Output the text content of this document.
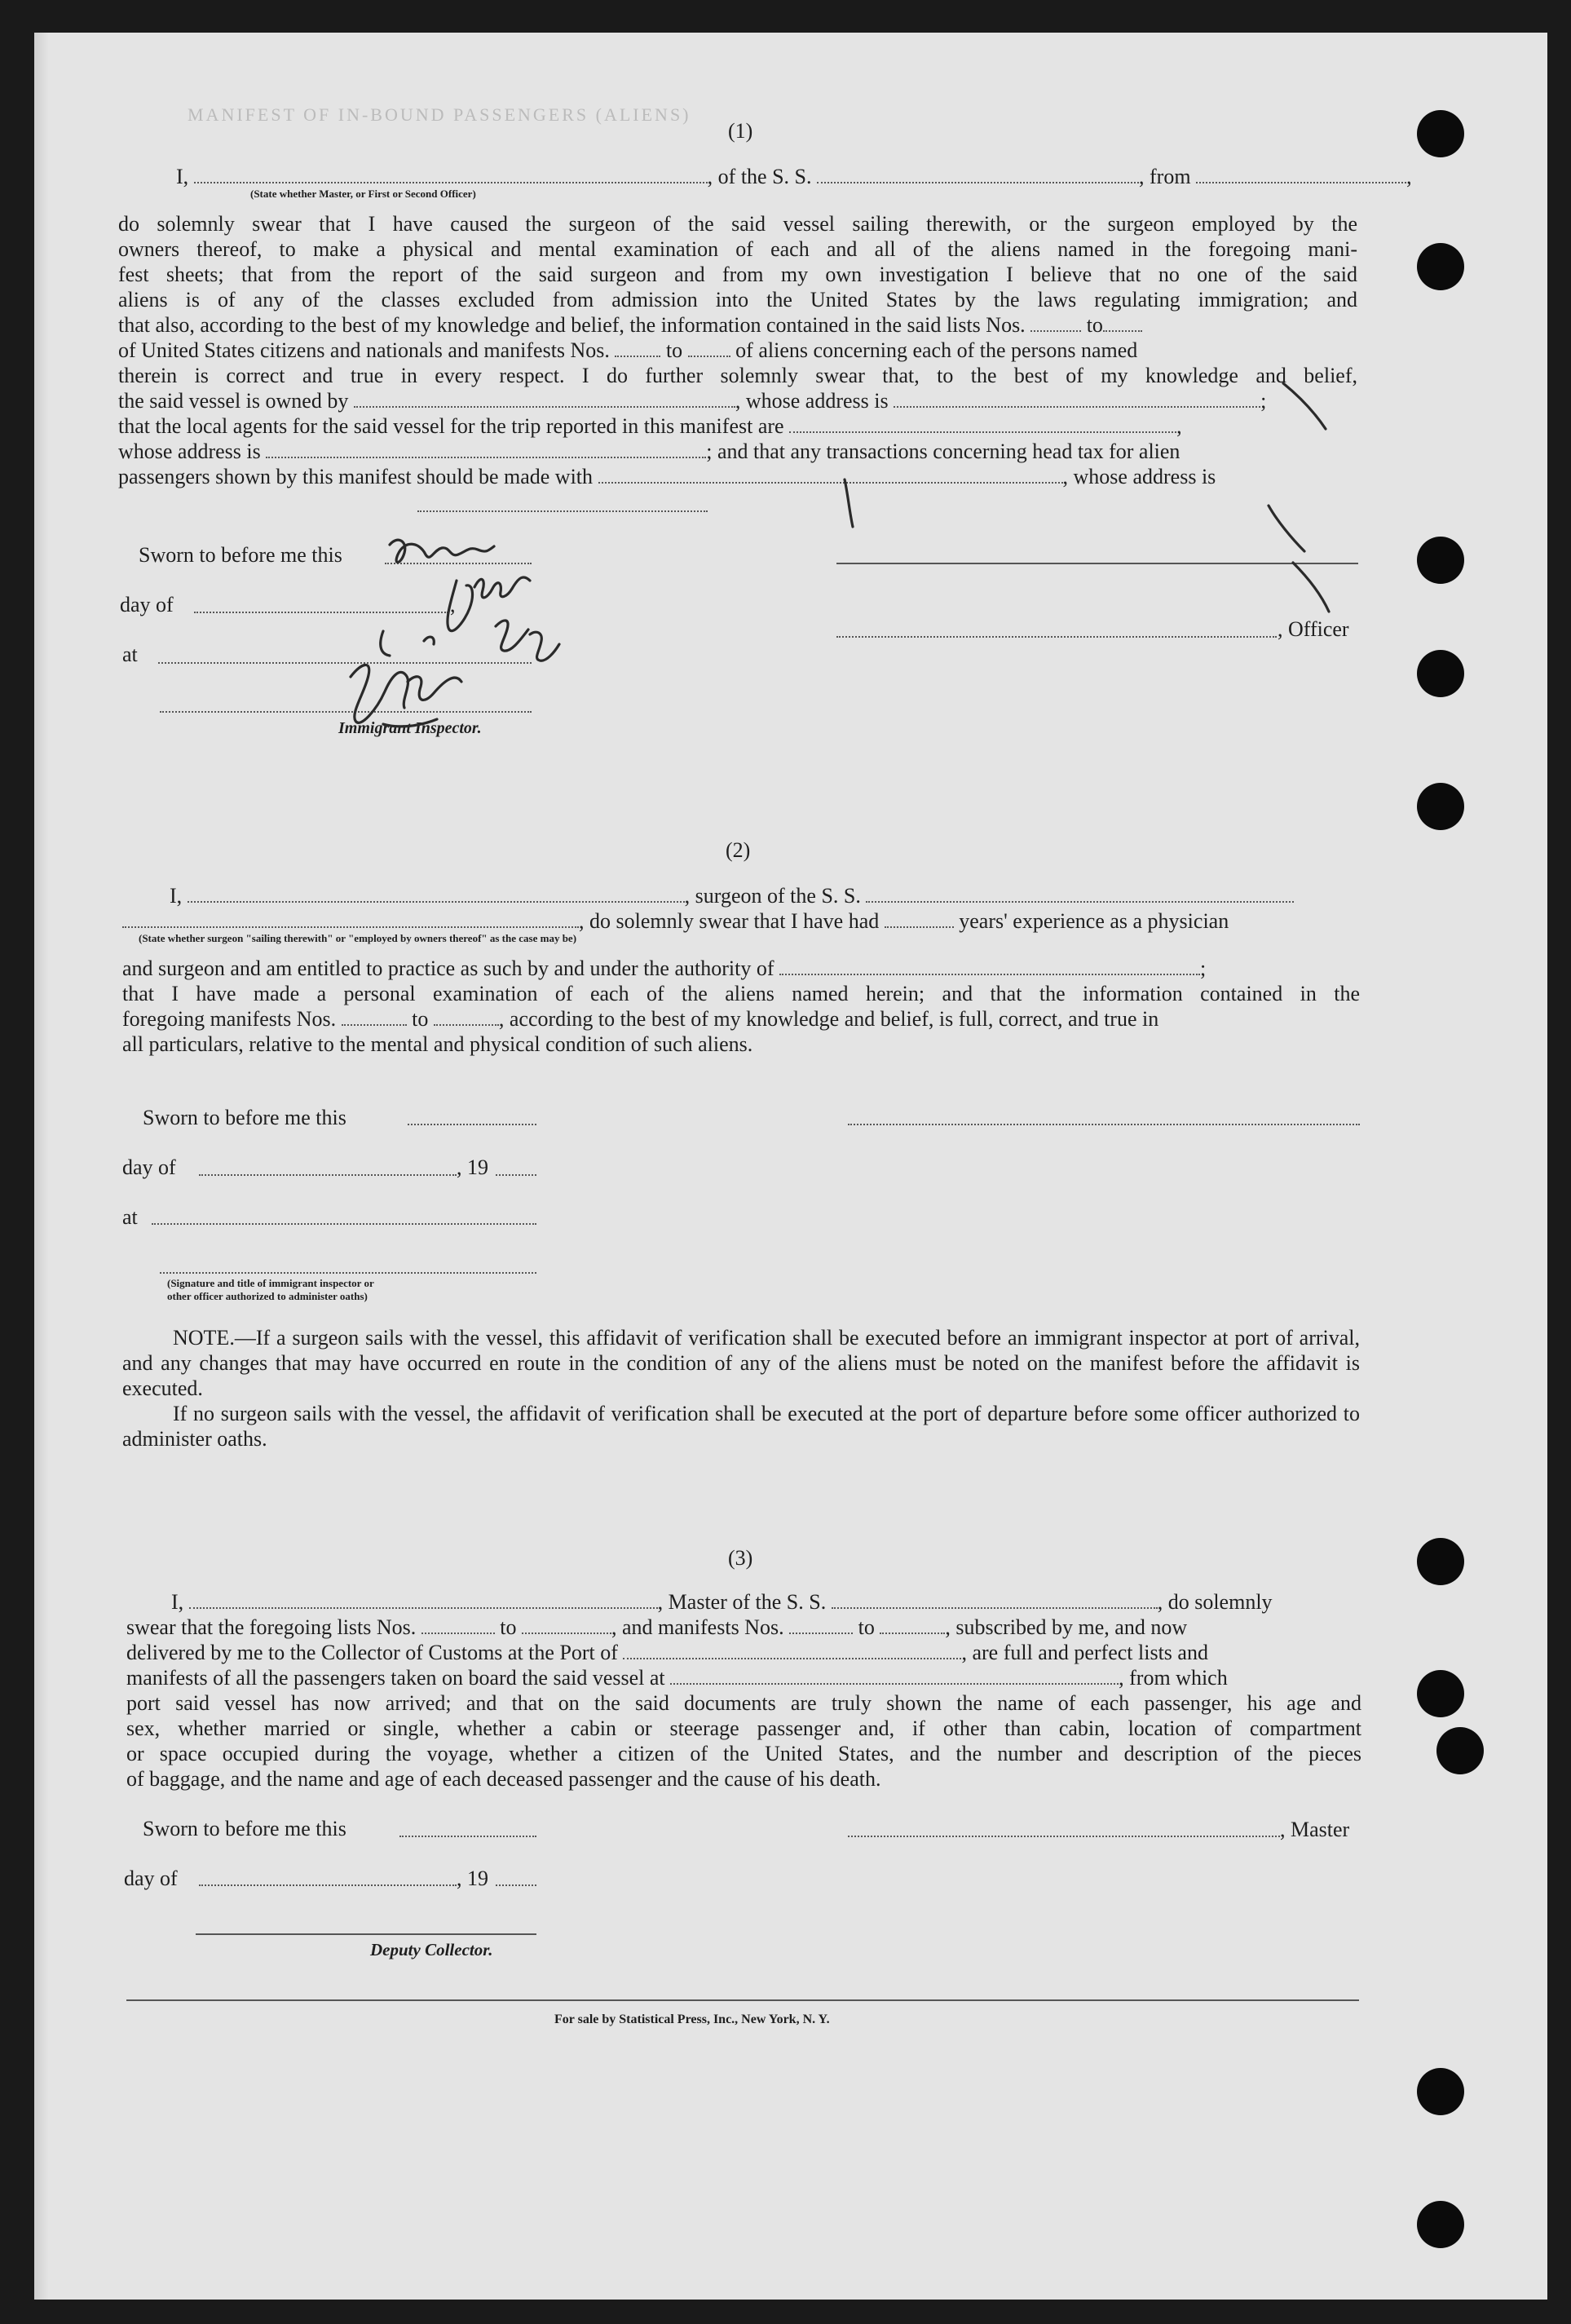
MANIFEST OF IN-BOUND PASSENGERS (ALIENS)
(1)
I,	, of the S. S.	, from	,
(State whether Master, or First or Second Officer)
do solemnly swear that I have caused the surgeon of the said vessel sailing therewith, or the surgeon employed by the
owners thereof, to make a physical and mental examination of each and all of the aliens named in the foregoing mani-
fest sheets; that from the report of the said surgeon and from my own investigation I believe that no one of the said
aliens is of any of the classes excluded from admission into the United States by the laws regulating immigration; and
that also, according to the best of my knowledge and belief, the information contained in the said lists Nos.	to
of United States citizens and nationals and manifests Nos.	to	of aliens concerning each of the persons named
therein is correct and true in every respect. I do further solemnly swear that, to the best of my knowledge and belief,
the said vessel is owned by	, whose address is	;
that the local agents for the said vessel for the trip reported in this manifest are	,
whose address is	; and that any transactions concerning head tax for alien
passengers shown by this manifest should be made with	, whose address is
Sworn to before me this
day of	,
at
, Officer
Immigrant Inspector.
(2)
I,	, surgeon of the S. S.
, do solemnly swear that I have had	years' experience as a physician
(State whether surgeon "sailing therewith" or "employed by owners thereof" as the case may be)
and surgeon and am entitled to practice as such by and under the authority of	;
that I have made a personal examination of each of the aliens named herein; and that the information contained in the
foregoing manifests Nos.	to	, according to the best of my knowledge and belief, is full, correct, and true in
all particulars, relative to the mental and physical condition of such aliens.
Sworn to before me this
day of	, 19
at
(Signature and title of immigrant inspector or
other officer authorized to administer oaths)
NOTE.—If a surgeon sails with the vessel, this affidavit of verification shall be executed before an immigrant inspector at port of arrival, and any changes that may have occurred en route in the condition of any of the aliens must be noted on the manifest before the affidavit is executed.
If no surgeon sails with the vessel, the affidavit of verification shall be executed at the port of departure before some officer authorized to administer oaths.
(3)
I,	, Master of the S. S.	, do solemnly
swear that the foregoing lists Nos.	to	, and manifests Nos.	to	, subscribed by me, and now
delivered by me to the Collector of Customs at the Port of	, are full and perfect lists and
manifests of all the passengers taken on board the said vessel at	, from which
port said vessel has now arrived; and that on the said documents are truly shown the name of each passenger, his age and
sex, whether married or single, whether a cabin or steerage passenger and, if other than cabin, location of compartment
or space occupied during the voyage, whether a citizen of the United States, and the number and description of the pieces
of baggage, and the name and age of each deceased passenger and the cause of his death.
Sworn to before me this	, Master
day of	, 19
Deputy Collector.
For sale by Statistical Press, Inc., New York, N. Y.
